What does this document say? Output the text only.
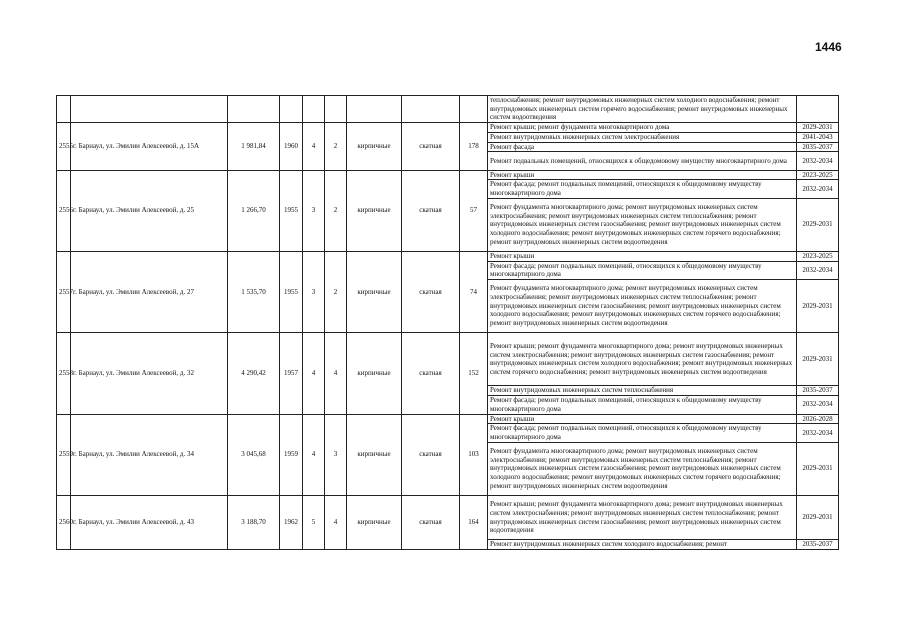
1446
									теплоснабжения; ремонт внутридомовых инженерных систем холодного водоснабжения; ремонт внутридомовых инженерных систем горячего водоснабжения; ремонт внутридомовых инженерных систем водоотведения	
2555	г. Барнаул, ул. Эмилии Алексеевой, д. 15А	1 981,84	1960	4	2	кирпичные	скатная	178	Ремонт крыши; ремонт фундамента многоквартирного дома	2029-2031
									Ремонт внутридомовых инженерных систем электроснабжения	2041-2043
									Ремонт фасада	2035-2037
									Ремонт подвальных помещений, относящихся к общедомовому имуществу многоквартирного дома	2032-2034
2556	г. Барнаул, ул. Эмилии Алексеевой, д. 25	1 266,70	1955	3	2	кирпичные	скатная	57	Ремонт крыши	2023-2025
									Ремонт фасада; ремонт подвальных помещений, относящихся к общедомовому имуществу многоквартирного дома	2032-2034
									Ремонт фундамента многоквартирного дома; ремонт внутридомовых инженерных систем электроснабжения; ремонт внутридомовых инженерных систем теплоснабжения; ремонт внутридомовых инженерных систем газоснабжения; ремонт внутридомовых инженерных систем холодного водоснабжения; ремонт внутридомовых инженерных систем горячего водоснабжения; ремонт внутридомовых инженерных систем водоотведения	2029-2031
2557	г. Барнаул, ул. Эмилии Алексеевой, д. 27	1 535,70	1955	3	2	кирпичные	скатная	74	Ремонт крыши	2023-2025
									Ремонт фасада; ремонт подвальных помещений, относящихся к общедомовому имуществу многоквартирного дома	2032-2034
									Ремонт фундамента многоквартирного дома; ремонт внутридомовых инженерных систем электроснабжения; ремонт внутридомовых инженерных систем теплоснабжения; ремонт внутридомовых инженерных систем газоснабжения; ремонт внутридомовых инженерных систем холодного водоснабжения; ремонт внутридомовых инженерных систем горячего водоснабжения; ремонт внутридомовых инженерных систем водоотведения	2029-2031
2558	г. Барнаул, ул. Эмилии Алексеевой, д. 32	4 290,42	1957	4	4	кирпичные	скатная	152	Ремонт крыши; ремонт фундамента многоквартирного дома; ремонт внутридомовых инженерных систем электроснабжения; ремонт внутридомовых инженерных систем газоснабжения; ремонт внутридомовых инженерных систем холодного водоснабжения; ремонт внутридомовых инженерных систем горячего водоснабжения; ремонт внутридомовых инженерных систем водоотведения	2029-2031
									Ремонт внутридомовых инженерных систем теплоснабжения	2035-2037
									Ремонт фасада; ремонт подвальных помещений, относящихся к общедомовому имуществу многоквартирного дома	2032-2034
2559	г. Барнаул, ул. Эмилии Алексеевой, д. 34	3 045,68	1959	4	3	кирпичные	скатная	103	Ремонт крыши	2026-2028
									Ремонт фасада; ремонт подвальных помещений, относящихся к общедомовому имуществу многоквартирного дома	2032-2034
									Ремонт фундамента многоквартирного дома; ремонт внутридомовых инженерных систем электроснабжения; ремонт внутридомовых инженерных систем теплоснабжения; ремонт внутридомовых инженерных систем газоснабжения; ремонт внутридомовых инженерных систем холодного водоснабжения; ремонт внутридомовых инженерных систем горячего водоснабжения; ремонт внутридомовых инженерных систем водоотведения	2029-2031
2560	г. Барнаул, ул. Эмилии Алексеевой, д. 43	3 188,70	1962	5	4	кирпичные	скатная	164	Ремонт крыши; ремонт фундамента многоквартирного дома; ремонт внутридомовых инженерных систем электроснабжения; ремонт внутридомовых инженерных систем теплоснабжения; ремонт внутридомовых инженерных систем газоснабжения; ремонт внутридомовых инженерных систем водоотведения	2029-2031
									Ремонт внутридомовых инженерных систем холодного водоснабжения; ремонт	2035-2037
